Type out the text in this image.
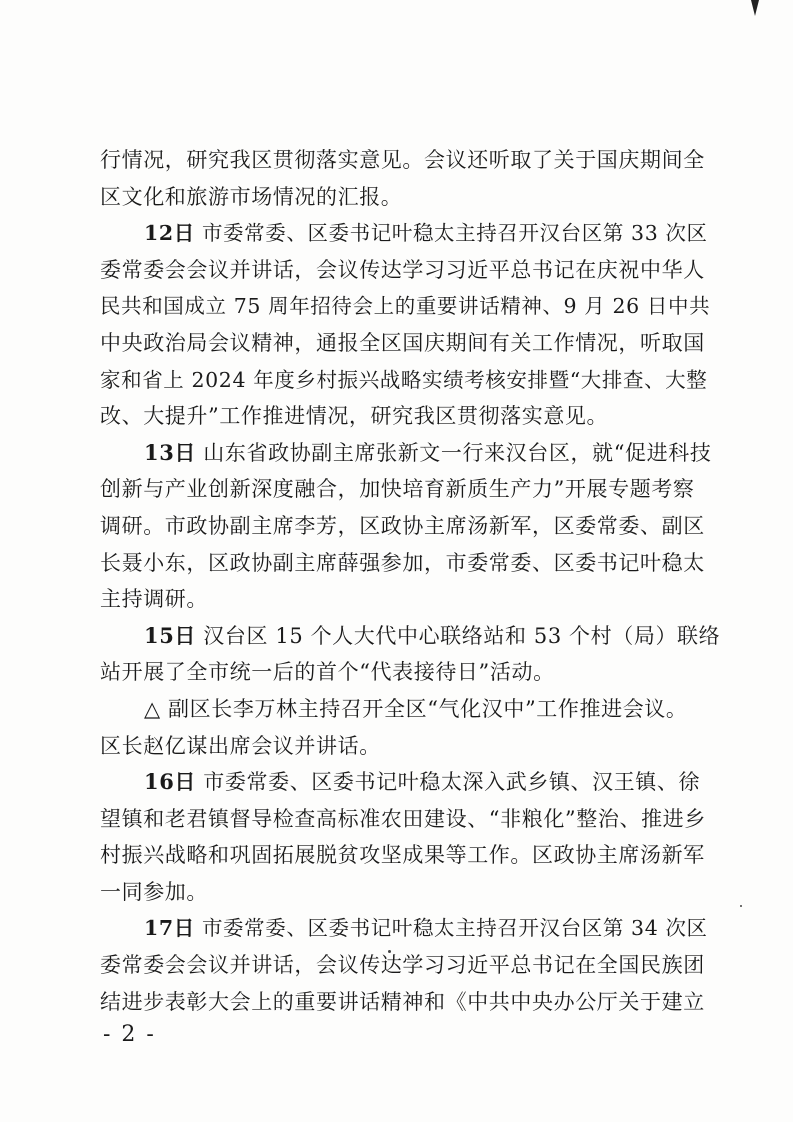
行情况，研究我区贯彻落实意见。会议还听取了关于国庆期间全
区文化和旅游市场情况的汇报。
12日 市委常委、区委书记叶稳太主持召开汉台区第 33 次区
委常委会会议并讲话，会议传达学习习近平总书记在庆祝中华人
民共和国成立 75 周年招待会上的重要讲话精神、9 月 26 日中共
中央政治局会议精神，通报全区国庆期间有关工作情况，听取国
家和省上 2024 年度乡村振兴战略实绩考核安排暨“大排查、大整
改、大提升”工作推进情况，研究我区贯彻落实意见。
13日 山东省政协副主席张新文一行来汉台区，就“促进科技
创新与产业创新深度融合，加快培育新质生产力”开展专题考察
调研。市政协副主席李芳，区政协主席汤新军，区委常委、副区
长聂小东，区政协副主席薛强参加，市委常委、区委书记叶稳太
主持调研。
15日 汉台区 15 个人大代中心联络站和 53 个村（局）联络
站开展了全市统一后的首个“代表接待日”活动。
△ 副区长李万林主持召开全区“气化汉中”工作推进会议。
区长赵亿谋出席会议并讲话。
16日 市委常委、区委书记叶稳太深入武乡镇、汉王镇、徐
望镇和老君镇督导检查高标准农田建设、“非粮化”整治、推进乡
村振兴战略和巩固拓展脱贫攻坚成果等工作。区政协主席汤新军
一同参加。
17日 市委常委、区委书记叶稳太主持召开汉台区第 34 次区
委常委会会议并讲话，会议传达学习习近平总书记在全国民族团
结进步表彰大会上的重要讲话精神和《中共中央办公厅关于建立
- 2 -
